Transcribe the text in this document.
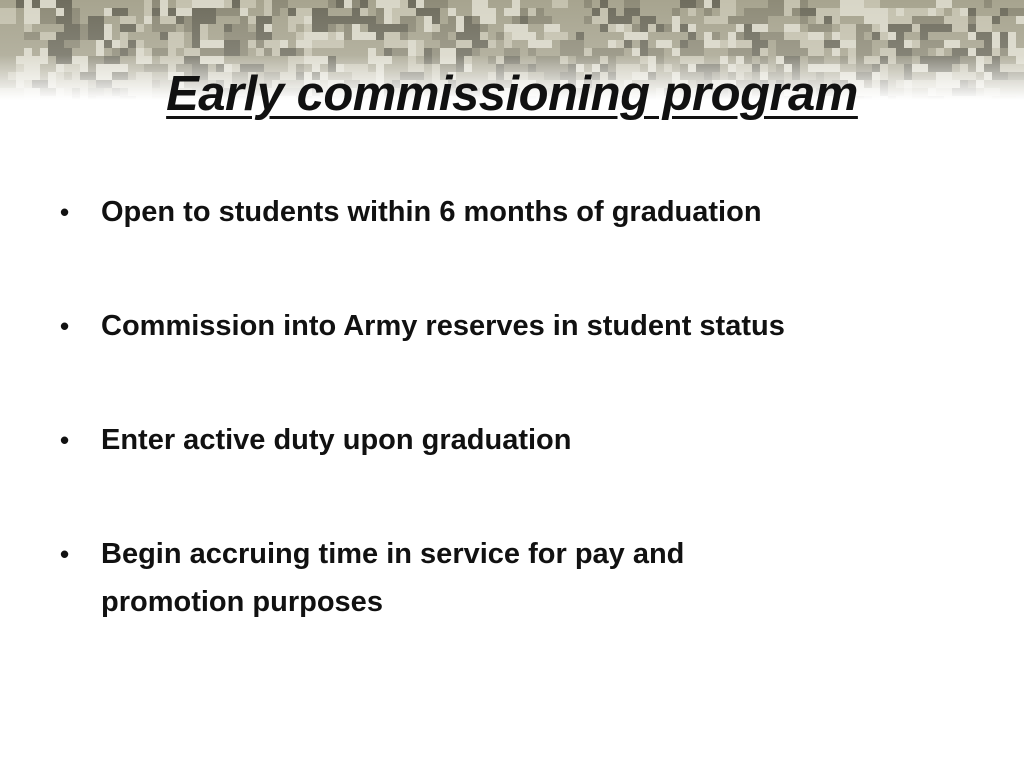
Early commissioning program
•	Open to students within 6 months of graduation
•	Commission into Army reserves in student status
•	Enter active duty upon graduation
•	Begin accruing time in service for pay and promotion purposes
